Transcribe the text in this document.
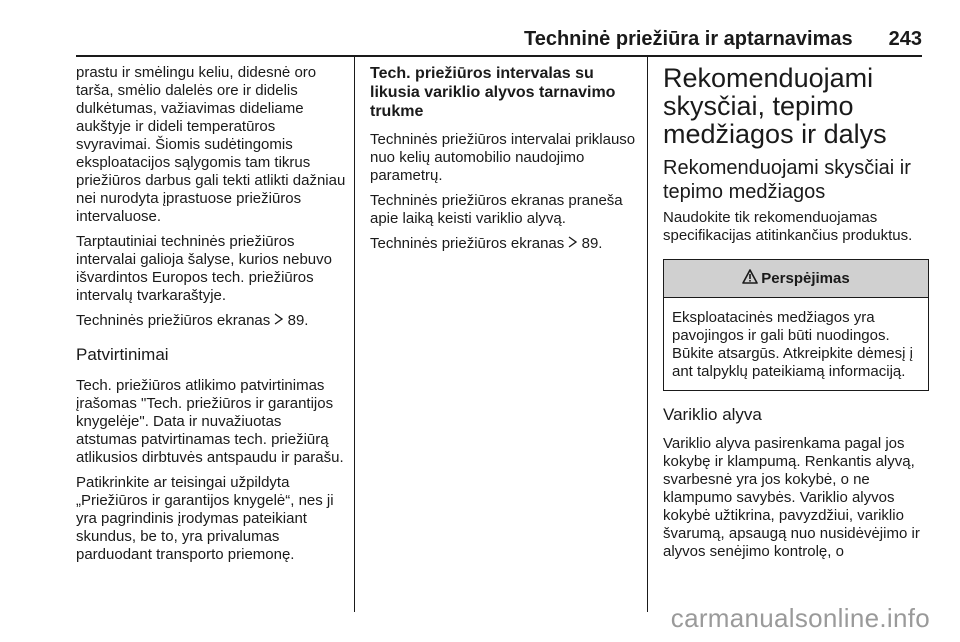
Techninė priežiūra ir aptarnavimas 243

prastu ir smėlingu keliu, didesnė oro tarša, smėlio dalelės ore ir didelis dulkėtumas, važiavimas dideliame aukštyje ir dideli temperatūros svyravimai. Šiomis sudėtingomis eksploatacijos sąlygomis tam tikrus priežiūros darbus gali tekti atlikti dažniau nei nurodyta įprastuose priežiūros intervaluose.

Tarptautiniai techninės priežiūros intervalai galioja šalyse, kurios nebuvo išvardintos Europos tech. priežiūros intervalų tvarkaraštyje.

Techninės priežiūros ekranas 89.

Patvirtinimai

Tech. priežiūros atlikimo patvirtinimas įrašomas "Tech. priežiūros ir garantijos knygelėje". Data ir nuvažiuotas atstumas patvirtinamas tech. priežiūrą atlikusios dirbtuvės antspaudu ir parašu.

Patikrinkite ar teisingai užpildyta „Priežiūros ir garantijos knygelė“, nes ji yra pagrindinis įrodymas pateikiant skundus, be to, yra privalumas parduodant transporto priemonę.

Tech. priežiūros intervalas su likusia variklio alyvos tarnavimo trukme

Techninės priežiūros intervalai priklauso nuo kelių automobilio naudojimo parametrų.

Techninės priežiūros ekranas praneša apie laiką keisti variklio alyvą.

Techninės priežiūros ekranas 89.

Rekomenduojami skysčiai, tepimo medžiagos ir dalys

Rekomenduojami skysčiai ir tepimo medžiagos

Naudokite tik rekomenduojamas specifikacijas atitinkančius produktus.

Perspėjimas

Eksploatacinės medžiagos yra pavojingos ir gali būti nuodingos. Būkite atsargūs. Atkreipkite dėmesį į ant talpyklų pateikiamą informaciją.

Variklio alyva

Variklio alyva pasirenkama pagal jos kokybę ir klampumą. Renkantis alyvą, svarbesnė yra jos kokybė, o ne klampumo savybės. Variklio alyvos kokybė užtikrina, pavyzdžiui, variklio švarumą, apsaugą nuo nusidėvėjimo ir alyvos senėjimo kontrolę, o

carmanualsonline.info
